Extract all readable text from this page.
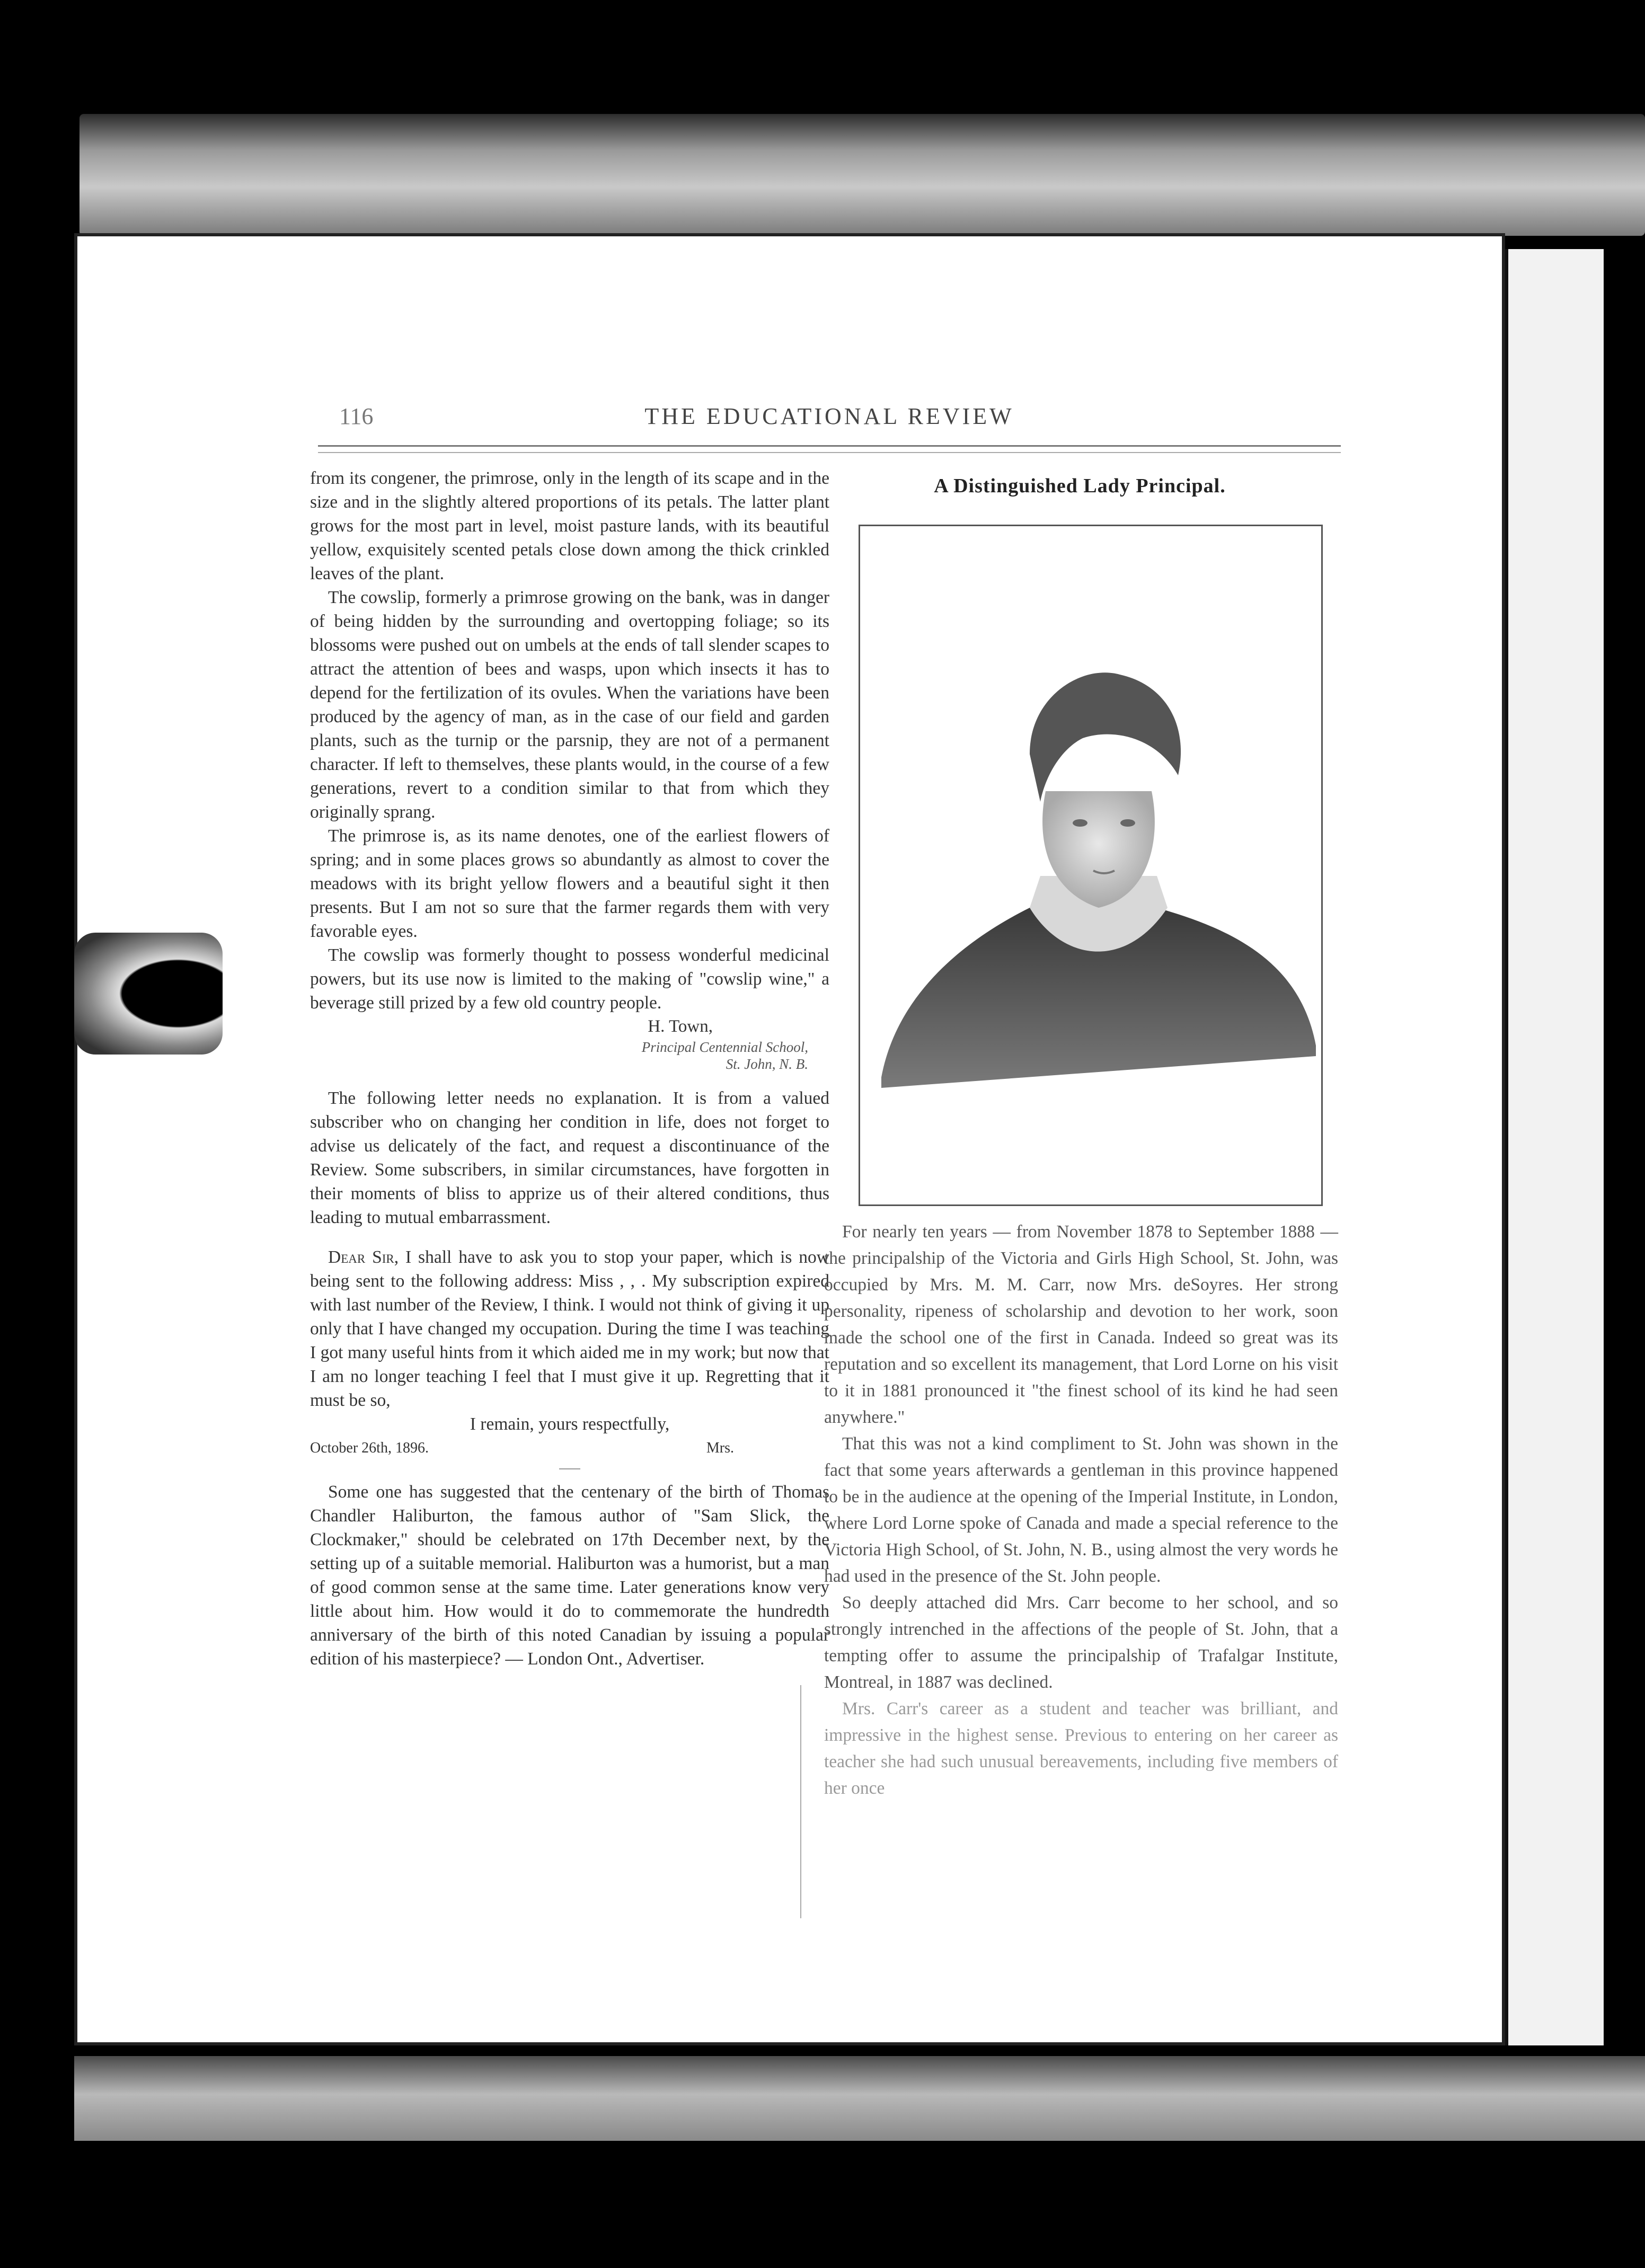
116	THE EDUCATIONAL REVIEW

from its congener, the primrose, only in the length of its scape and in the size and in the slightly altered proportions of its petals. The latter plant grows for the most part in level, moist pasture lands, with its beautiful yellow, exquisitely scented petals close down among the thick crinkled leaves of the plant.

The cowslip, formerly a primrose growing on the bank, was in danger of being hidden by the surrounding and overtopping foliage; so its blossoms were pushed out on umbels at the ends of tall slender scapes to attract the attention of bees and wasps, upon which insects it has to depend for the fertilization of its ovules. When the variations have been produced by the agency of man, as in the case of our field and garden plants, such as the turnip or the parsnip, they are not of a permanent character. If left to themselves, these plants would, in the course of a few generations, revert to a condition similar to that from which they originally sprang.

The primrose is, as its name denotes, one of the earliest flowers of spring; and in some places grows so abundantly as almost to cover the meadows with its bright yellow flowers and a beautiful sight it then presents. But I am not so sure that the farmer regards them with very favorable eyes.

The cowslip was formerly thought to possess wonderful medicinal powers, but its use now is limited to the making of "cowslip wine," a beverage still prized by a few old country people.

H. Town,
Principal Centennial School,
St. John, N. B.

The following letter needs no explanation. It is from a valued subscriber who on changing her condition in life, does not forget to advise us delicately of the fact, and request a discontinuance of the Review. Some subscribers, in similar circumstances, have forgotten in their moments of bliss to apprize us of their altered conditions, thus leading to mutual embarrassment.

Dear Sir, I shall have to ask you to stop your paper, which is now being sent to the following address: Miss , , . My subscription expired with last number of the Review, I think. I would not think of giving it up only that I have changed my occupation. During the time I was teaching I got many useful hints from it which aided me in my work; but now that I am no longer teaching I feel that I must give it up. Regretting that it must be so,

I remain, yours respectfully,
October 26th, 1896.	Mrs.

Some one has suggested that the centenary of the birth of Thomas Chandler Haliburton, the famous author of "Sam Slick, the Clockmaker," should be celebrated on 17th December next, by the setting up of a suitable memorial. Haliburton was a humorist, but a man of good common sense at the same time. Later generations know very little about him. How would it do to commemorate the hundredth anniversary of the birth of this noted Canadian by issuing a popular edition of his masterpiece? — London Ont., Advertiser.

A Distinguished Lady Principal.

For nearly ten years — from November 1878 to September 1888 — the principalship of the Victoria and Girls High School, St. John, was occupied by Mrs. M. M. Carr, now Mrs. deSoyres. Her strong personality, ripeness of scholarship and devotion to her work, soon made the school one of the first in Canada. Indeed so great was its reputation and so excellent its management, that Lord Lorne on his visit to it in 1881 pronounced it "the finest school of its kind he had seen anywhere."

That this was not a kind compliment to St. John was shown in the fact that some years afterwards a gentleman in this province happened to be in the audience at the opening of the Imperial Institute, in London, where Lord Lorne spoke of Canada and made a special reference to the Victoria High School, of St. John, N. B., using almost the very words he had used in the presence of the St. John people.

So deeply attached did Mrs. Carr become to her school, and so strongly intrenched in the affections of the people of St. John, that a tempting offer to assume the principalship of Trafalgar Institute, Montreal, in 1887 was declined.

Mrs. Carr's career as a student and teacher was brilliant, and impressive in the highest sense. Previous to entering on her career as teacher she had such unusual bereavements, including five members of her once
